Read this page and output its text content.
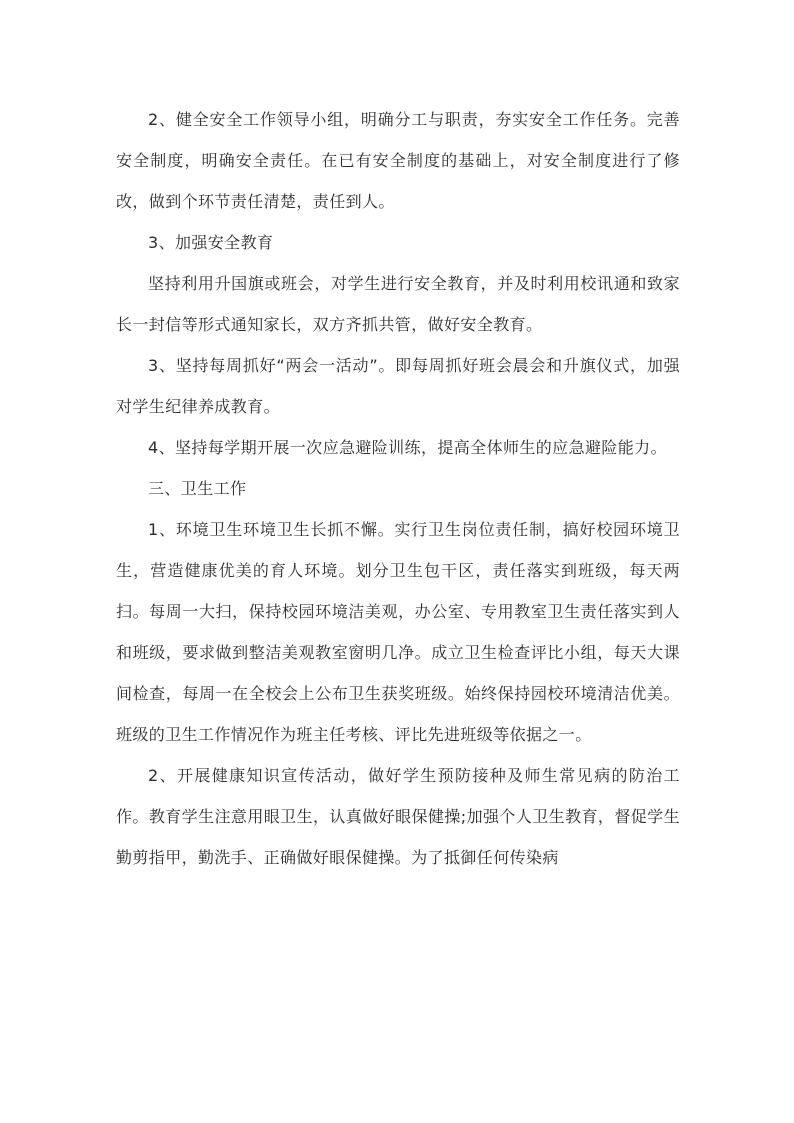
2、健全安全工作领导小组，明确分工与职责，夯实安全工作任务。完善安全制度，明确安全责任。在已有安全制度的基础上，对安全制度进行了修改，做到个环节责任清楚，责任到人。

3、加强安全教育

坚持利用升国旗或班会，对学生进行安全教育，并及时利用校讯通和致家长一封信等形式通知家长，双方齐抓共管，做好安全教育。

3、坚持每周抓好“两会一活动”。即每周抓好班会晨会和升旗仪式，加强对学生纪律养成教育。

4、坚持每学期开展一次应急避险训练，提高全体师生的应急避险能力。

三、卫生工作

1、环境卫生环境卫生长抓不懈。实行卫生岗位责任制，搞好校园环境卫生，营造健康优美的育人环境。划分卫生包干区，责任落实到班级，每天两扫。每周一大扫，保持校园环境洁美观，办公室、专用教室卫生责任落实到人和班级，要求做到整洁美观教室窗明几净。成立卫生检查评比小组，每天大课间检查，每周一在全校会上公布卫生获奖班级。始终保持园校环境清洁优美。班级的卫生工作情况作为班主任考核、评比先进班级等依据之一。

2、开展健康知识宣传活动，做好学生预防接种及师生常见病的防治工作。教育学生注意用眼卫生，认真做好眼保健操;加强个人卫生教育，督促学生勤剪指甲，勤洗手、正确做好眼保健操。为了抵御任何传染病
